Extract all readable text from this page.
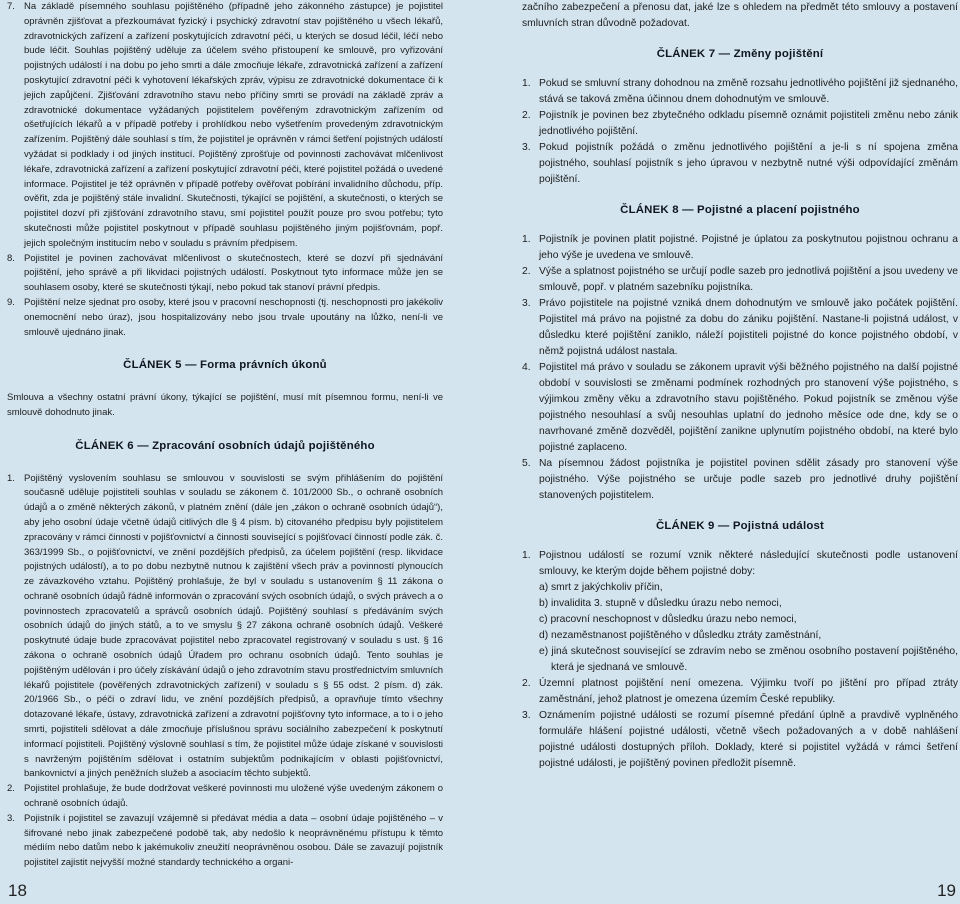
7. Na základě písemného souhlasu pojištěného (případně jeho zákonného zástupce) je pojistitel oprávněn zjišťovat a přezkoumávat fyzický i psychický zdravotní stav pojištěného u všech lékařů, zdravotnických zařízení a zařízení poskytujících zdravotní péči, u kterých se dosud léčil, léčí nebo bude léčit. Souhlas pojištěný uděluje za účelem svého přistoupení ke smlouvě, pro vyřizování pojistných událostí i na dobu po jeho smrti a dále zmocňuje lékaře, zdravotnická zařízení a zařízení poskytující zdravotní péči k vyhotovení lékařských zpráv, výpisu ze zdravotnické dokumentace či k jejich zapůjčení. Zjišťování zdravotního stavu nebo příčiny smrti se provádí na základě zpráv a zdravotnické dokumentace vyžádaných pojistitelem pověřeným zdravotnickým zařízením od ošetřujících lékařů a v případě potřeby i prohlídkou nebo vyšetřením provedeným zdravotnickým zařízením. Pojištěný dále souhlasí s tím, že pojistitel je oprávněn v rámci šetření pojistných událostí vyžádat si podklady i od jiných institucí. Pojištěný zprošťuje od povinnosti zachovávat mlčenlivost lékaře, zdravotnická zařízení a zařízení poskytující zdravotní péči, které pojistitel požádá o uvedené informace. Pojistitel je též oprávněn v případě potřeby ověřovat pobírání invalidního důchodu, příp. ověřit, zda je pojištěný stále invalidní. Skutečnosti, týkající se pojištění, a skutečnosti, o kterých se pojistitel dozví při zjišťování zdravotního stavu, smí pojistitel použít pouze pro svou potřebu; tyto skutečnosti může pojistitel poskytnout v případě souhlasu pojištěného jiným pojišťovnám, popř. jejich společným institucím nebo v souladu s právním předpisem.
8. Pojistitel je povinen zachovávat mlčenlivost o skutečnostech, které se dozví při sjednávání pojištění, jeho správě a při likvidaci pojistných událostí. Poskytnout tyto informace může jen se souhlasem osoby, které se skutečnosti týkají, nebo pokud tak stanoví právní předpis.
9. Pojištění nelze sjednat pro osoby, které jsou v pracovní neschopnosti (tj. neschopnosti pro jakékoliv onemocnění nebo úraz), jsou hospitalizovány nebo jsou trvale upoutány na lůžko, není-li ve smlouvě ujednáno jinak.
ČLÁNEK 5 — Forma právních úkonů

Smlouva a všechny ostatní právní úkony, týkající se pojištění, musí mít písemnou formu, není-li ve smlouvě dohodnuto jinak.

ČLÁNEK 6 — Zpracování osobních údajů pojištěného
1. Pojištěný vyslovením souhlasu se smlouvou v souvislosti se svým přihlášením do pojištění současně uděluje pojistiteli souhlas v souladu se zákonem č. 101/2000 Sb., o ochraně osobních údajů a o změně některých zákonů, v platném znění (dále jen „zákon o ochraně osobních údajů“), aby jeho osobní údaje včetně údajů citlivých dle § 4 písm. b) citovaného předpisu byly pojistitelem zpracovány v rámci činnosti v pojišťovnictví a činnosti související s pojišťovací činností podle zák. č. 363/1999 Sb., o pojišťovnictví, ve znění pozdějších předpisů, za účelem pojištění (resp. likvidace pojistných událostí), a to po dobu nezbytně nutnou k zajištění všech práv a povinností plynoucích ze závazkového vztahu. Pojištěný prohlašuje, že byl v souladu s ustanovením § 11 zákona o ochraně osobních údajů řádně informován o zpracování svých osobních údajů, o svých právech a o povinnostech zpracovatelů a správců osobních údajů. Pojištěný souhlasí s předáváním svých osobních údajů do jiných států, a to ve smyslu § 27 zákona ochraně osobních údajů. Veškeré poskytnuté údaje bude zpracovávat pojistitel nebo zpracovatel registrovaný v souladu s ust. § 16 zákona o ochraně osobních údajů Úřadem pro ochranu osobních údajů. Tento souhlas je pojištěným udělován i pro účely získávání údajů o jeho zdravotním stavu prostřednictvím smluvních lékařů pojistitele (pověřených zdravotnických zařízení) v souladu s § 55 odst. 2 písm. d) zák. 20/1966 Sb., o péči o zdraví lidu, ve znění pozdějších předpisů, a opravňuje tímto všechny dotazované lékaře, ústavy, zdravotnická zařízení a zdravotní pojišťovny tyto informace, a to i o jeho smrti, pojistiteli sdělovat a dále zmocňuje příslušnou správu sociálního zabezpečení k poskytnutí informací pojistiteli. Pojištěný výslovně souhlasí s tím, že pojistitel může údaje získané v souvislosti s navrženým pojištěním sdělovat i ostatním subjektům podnikajícím v oblasti pojišťovnictví, bankovnictví a jiných peněžních služeb a asociacím těchto subjektů.
2. Pojistitel prohlašuje, že bude dodržovat veškeré povinnosti mu uložené výše uvedeným zákonem o ochraně osobních údajů.
3. Pojistník i pojistitel se zavazují vzájemně si předávat média a data – osobní údaje pojištěného – v šifrované nebo jinak zabezpečené podobě tak, aby nedošlo k neoprávněnému přístupu k těmto médiím nebo datům nebo k jakémukoliv zneužití neoprávněnou osobou. Dále se zavazují pojistník pojistitel zajistit nejvyšší možné standardy technického a organi-

začního zabezpečení a přenosu dat, jaké lze s ohledem na předmět této smlouvy a postavení smluvních stran důvodně požadovat.

ČLÁNEK 7 — Změny pojištění
1. Pokud se smluvní strany dohodnou na změně rozsahu jednotlivého pojištění již sjednaného, stává se taková změna účinnou dnem dohodnutým ve smlouvě.
2. Pojistník je povinen bez zbytečného odkladu písemně oznámit pojistiteli změnu nebo zánik jednotlivého pojištění.
3. Pokud pojistník požádá o změnu jednotlivého pojištění a je-li s ní spojena změna pojistného, souhlasí pojistník s jeho úpravou v nezbytně nutné výši odpovídající změnám pojištění.
ČLÁNEK 8 — Pojistné a placení pojistného
1. Pojistník je povinen platit pojistné. Pojistné je úplatou za poskytnutou pojistnou ochranu a jeho výše je uvedena ve smlouvě.
2. Výše a splatnost pojistného se určují podle sazeb pro jednotlivá pojištění a jsou uvedeny ve smlouvě, popř. v platném sazebníku pojistníka.
3. Právo pojistitele na pojistné vzniká dnem dohodnutým ve smlouvě jako počátek pojištění. Pojistitel má právo na pojistné za dobu do zániku pojištění. Nastane-li pojistná událost, v důsledku které pojištění zaniklo, náleží pojistiteli pojistné do konce pojistného období, v němž pojistná událost nastala.
4. Pojistitel má právo v souladu se zákonem upravit výši běžného pojistného na další pojistné období v souvislosti se změnami podmínek rozhodných pro stanovení výše pojistného, s výjimkou změny věku a zdravotního stavu pojištěného. Pokud pojistník se změnou výše pojistného nesouhlasí a svůj nesouhlas uplatní do jednoho měsíce ode dne, kdy se o navrhované změně dozvěděl, pojištění zanikne uplynutím pojistného období, na které bylo pojistné zaplaceno.
5. Na písemnou žádost pojistníka je pojistitel povinen sdělit zásady pro stanovení výše pojistného. Výše pojistného se určuje podle sazeb pro jednotlivé druhy pojištění stanovených pojistitelem.
ČLÁNEK 9 — Pojistná událost
1. Pojistnou událostí se rozumí vznik některé následující skutečnosti podle ustanovení smlouvy, ke kterým dojde během pojistné doby:
a) smrt z jakýchkoliv příčin,
b) invalidita 3. stupně v důsledku úrazu nebo nemoci,
c) pracovní neschopnost v důsledku úrazu nebo nemoci,
d) nezaměstnanost pojištěného v důsledku ztráty zaměstnání,
e) jiná skutečnost související se zdravím nebo se změnou osobního postavení pojištěného, která je sjednaná ve smlouvě.
2. Územní platnost pojištění není omezena. Výjimku tvoří po jištění pro případ ztráty zaměstnání, jehož platnost je omezena územím České republiky.
3. Oznámením pojistné události se rozumí písemné předání úplně a pravdivě vyplněného formuláře hlášení pojistné události, včetně všech požadovaných a v době nahlášení pojistné události dostupných příloh. Doklady, které si pojistitel vyžádá v rámci šetření pojistné události, je pojištěný povinen předložit písemně.
18	19
